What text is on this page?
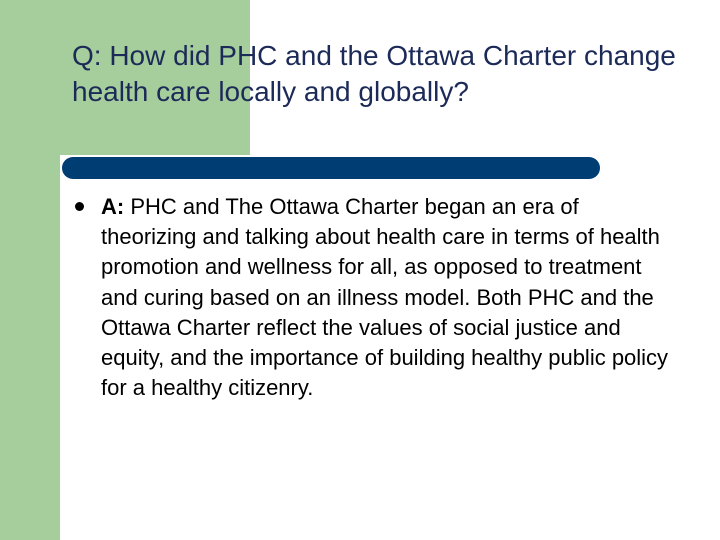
Q: How did PHC and the Ottawa Charter change health care locally and globally?

A: PHC and The Ottawa Charter began an era of theorizing and talking about health care in terms of health promotion and wellness for all, as opposed to treatment and curing based on an illness model. Both PHC and the Ottawa Charter reflect the values of social justice and equity, and the importance of building healthy public policy for a healthy citizenry.
